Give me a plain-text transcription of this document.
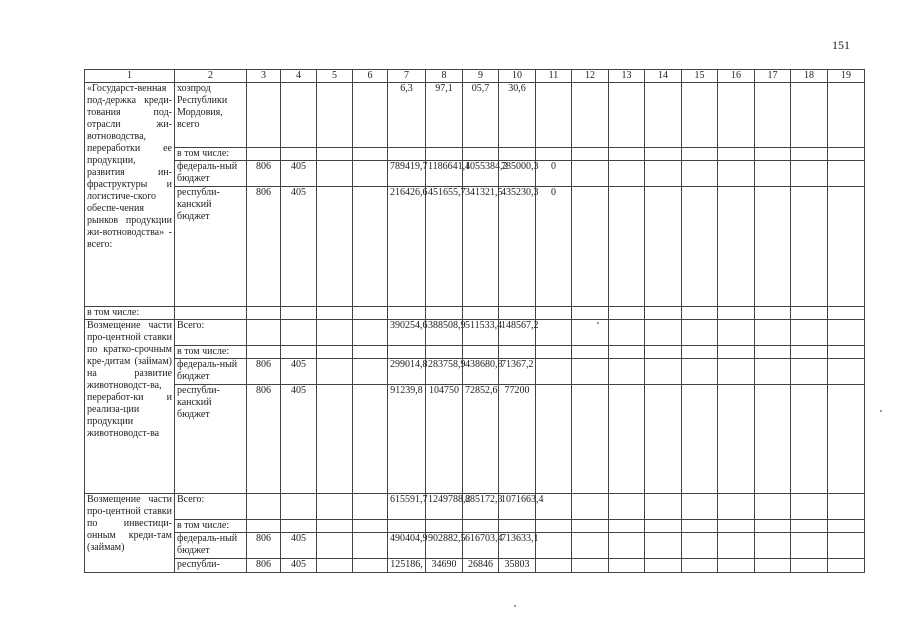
151
1	2	3	4	5	6	7	8	9	10	11	12	13	14	15	16	17	18	19
«Государст-венная под-держка креди-тования под-отрасли жи-вотноводства, переработки ее продукции, развития ин-фраструктуры и логистиче-ского обеспе-чения рынков продукции жи-вотноводства» - всего:	хозпрод Республики Мордовия, всего					6,3	97,1	05,7	30,6									
	в том числе:																	
	федераль-ный бюджет	806	405			789419,7	1186641,4	1055384,2	785000,3	0								
	республи-канский бюджет	806	405			216426,6	451655,7	341321,5	435230,3	0								
в том числе:																		
Возмещение части про-центной ставки по кратко-срочным кре-дитам (займам) на развитие животноводст-ва, переработ-ки и реализа-ции продукции животноводст-ва	Всего:					390254,6	388508,9	511533,4	148567,2									
	в том числе:																	
	федераль-ный бюджет	806	405			299014,8	283758,9	438680,8	71367,2									
	республи-канский бюджет	806	405			91239,8	104750	72852,6	77200									
Возмещение части про-центной ставки по инвестици-онным креди-там (займам)	Всего:					615591,7	1249788,2	885172,3	1071663,4									
	в том числе:																	
	федераль-ный бюджет	806	405			490404,9	902882,5	616703,4	713633,1									
	республи-	806	405			125186,	34690	26846	35803									
